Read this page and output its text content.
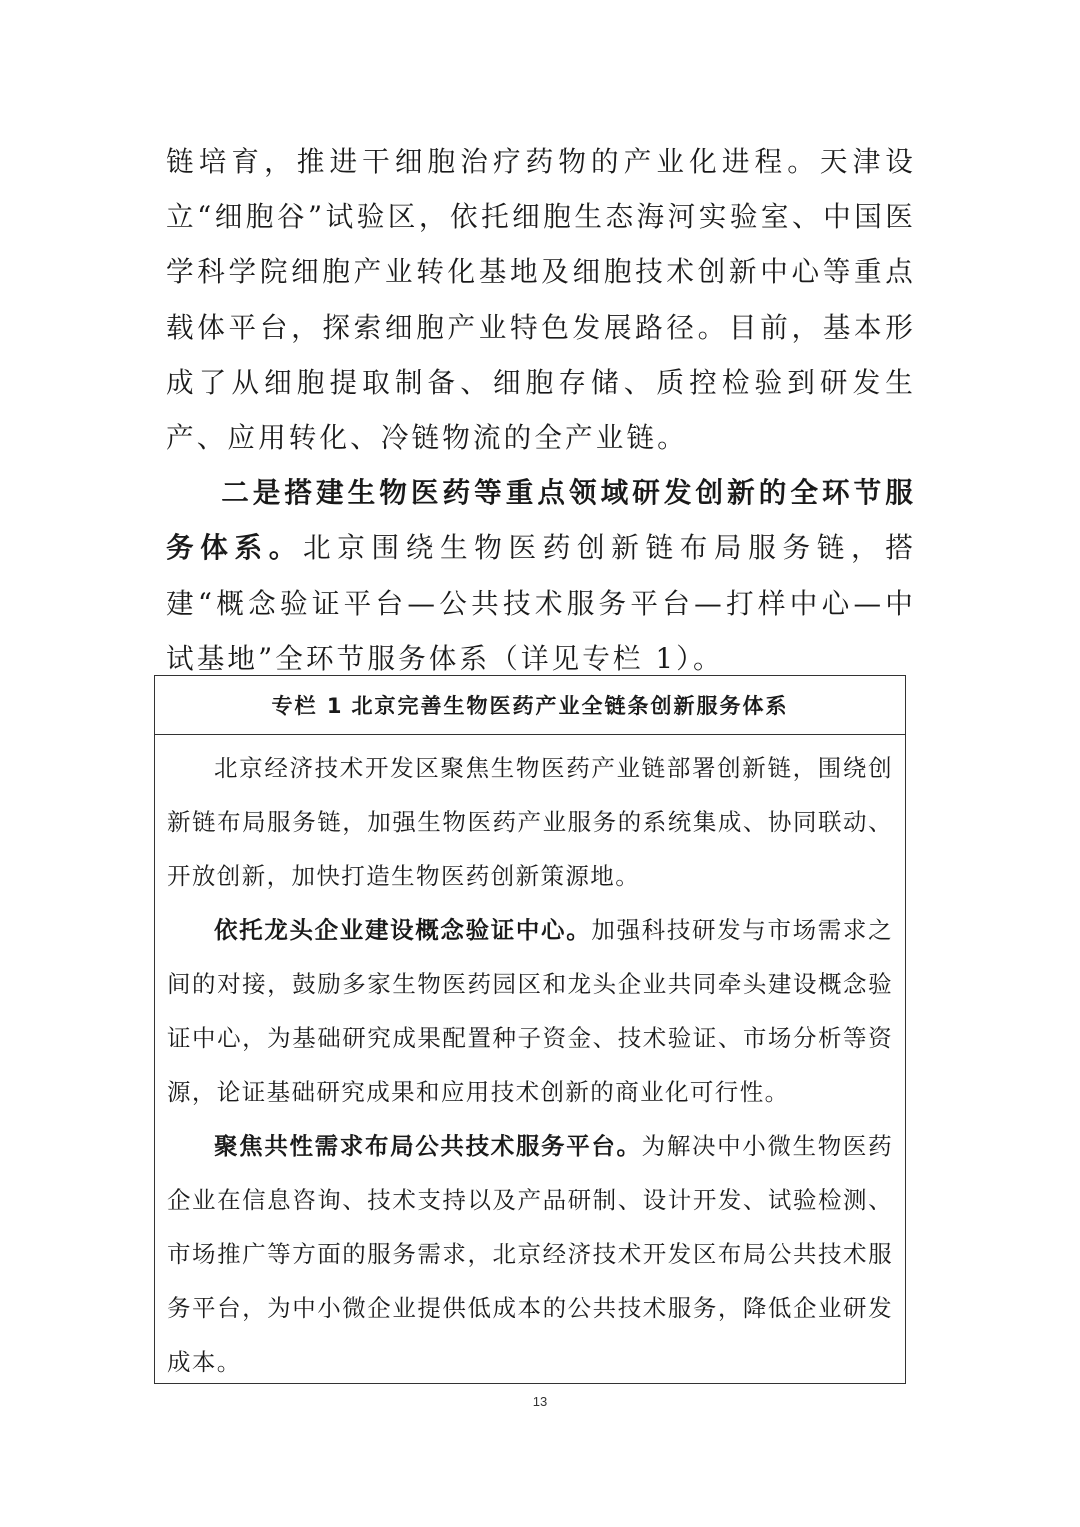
链培育，推进干细胞治疗药物的产业化进程。天津设立“细胞谷”试验区，依托细胞生态海河实验室、中国医学科学院细胞产业转化基地及细胞技术创新中心等重点载体平台，探索细胞产业特色发展路径。目前，基本形成了从细胞提取制备、细胞存储、质控检验到研发生产、应用转化、冷链物流的全产业链。

二是搭建生物医药等重点领域研发创新的全环节服务体系。北京围绕生物医药创新链布局服务链，搭建“概念验证平台—公共技术服务平台—打样中心—中试基地”全环节服务体系（详见专栏 1）。

专栏 1 北京完善生物医药产业全链条创新服务体系

北京经济技术开发区聚焦生物医药产业链部署创新链，围绕创新链布局服务链，加强生物医药产业服务的系统集成、协同联动、开放创新，加快打造生物医药创新策源地。

依托龙头企业建设概念验证中心。加强科技研发与市场需求之间的对接，鼓励多家生物医药园区和龙头企业共同牵头建设概念验证中心，为基础研究成果配置种子资金、技术验证、市场分析等资源，论证基础研究成果和应用技术创新的商业化可行性。

聚焦共性需求布局公共技术服务平台。为解决中小微生物医药企业在信息咨询、技术支持以及产品研制、设计开发、试验检测、市场推广等方面的服务需求，北京经济技术开发区布局公共技术服务平台，为中小微企业提供低成本的公共技术服务，降低企业研发成本。

13
